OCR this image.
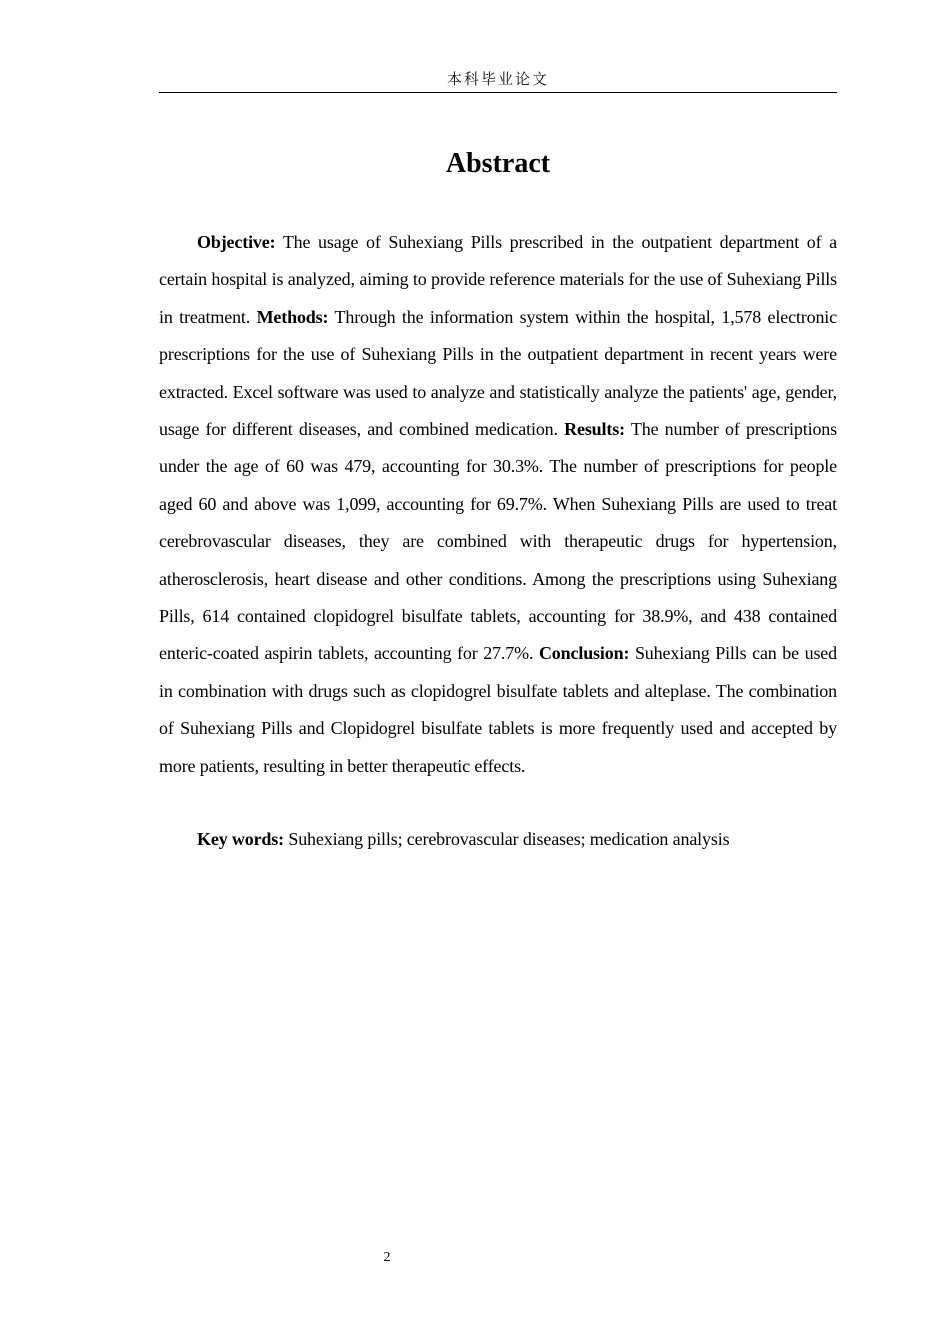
本科毕业论文
Abstract

Objective: The usage of Suhexiang Pills prescribed in the outpatient department of a certain hospital is analyzed, aiming to provide reference materials for the use of Suhexiang Pills in treatment. Methods: Through the information system within the hospital, 1,578 electronic prescriptions for the use of Suhexiang Pills in the outpatient department in recent years were extracted. Excel software was used to analyze and statistically analyze the patients' age, gender, usage for different diseases, and combined medication. Results: The number of prescriptions under the age of 60 was 479, accounting for 30.3%. The number of prescriptions for people aged 60 and above was 1,099, accounting for 69.7%. When Suhexiang Pills are used to treat cerebrovascular diseases, they are combined with therapeutic drugs for hypertension, atherosclerosis, heart disease and other conditions. Among the prescriptions using Suhexiang Pills, 614 contained clopidogrel bisulfate tablets, accounting for 38.9%, and 438 contained enteric-coated aspirin tablets, accounting for 27.7%. Conclusion: Suhexiang Pills can be used in combination with drugs such as clopidogrel bisulfate tablets and alteplase. The combination of Suhexiang Pills and Clopidogrel bisulfate tablets is more frequently used and accepted by more patients, resulting in better therapeutic effects.

Key words: Suhexiang pills; cerebrovascular diseases; medication analysis

2
